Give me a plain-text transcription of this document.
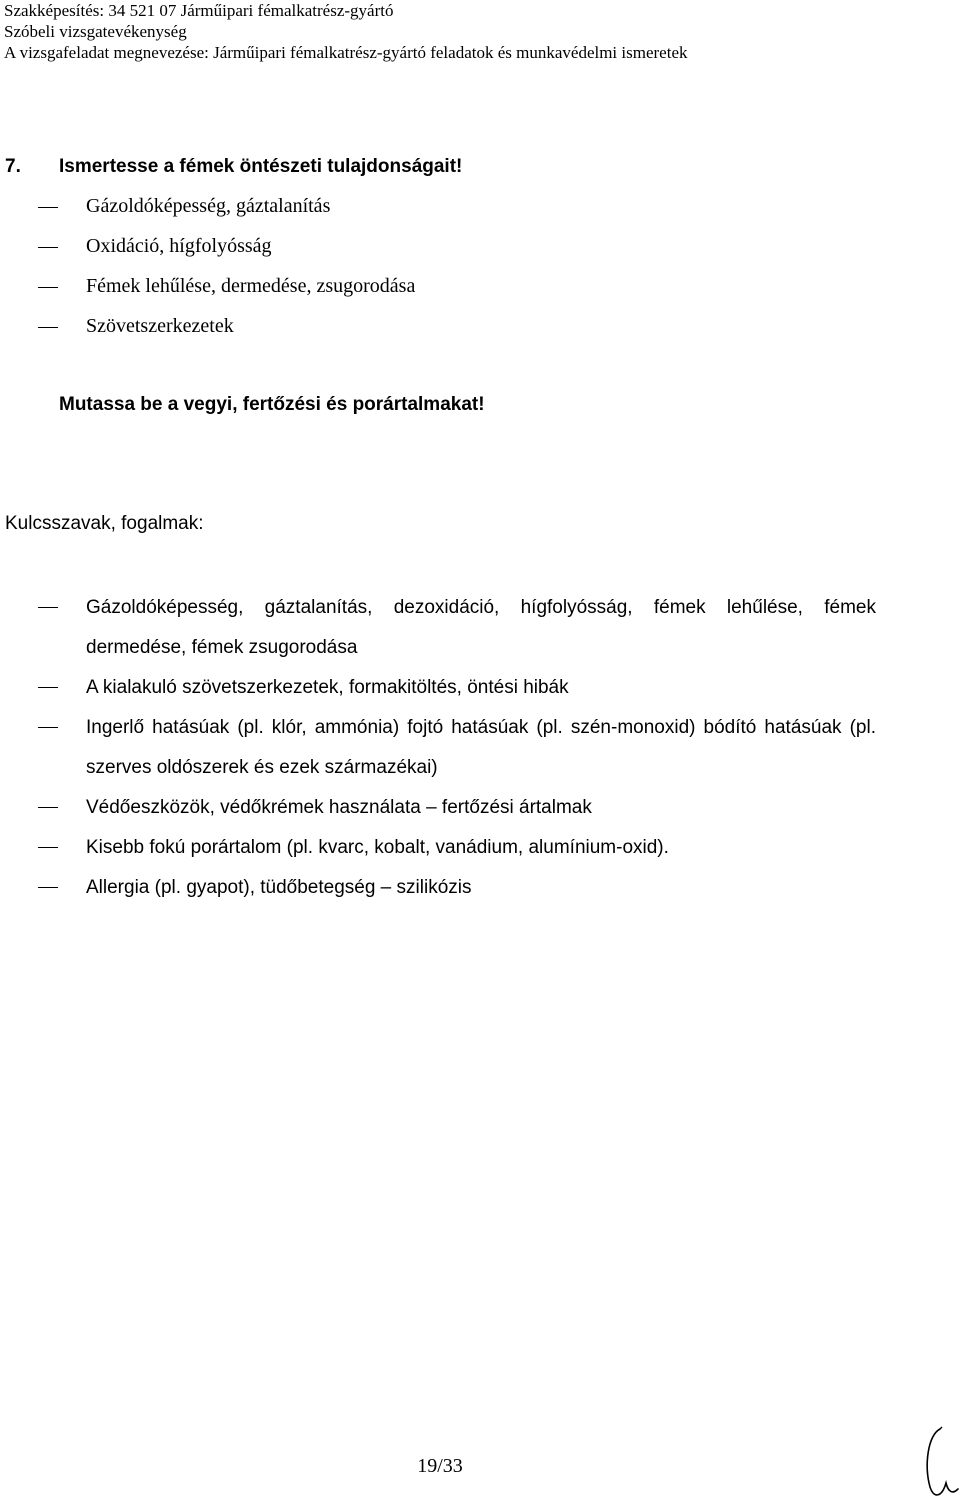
Szakképesítés: 34 521 07 Járműipari fémalkatrész-gyártó
Szóbeli vizsgatevékenység
A vizsgafeladat megnevezése: Járműipari fémalkatrész-gyártó feladatok és munkavédelmi ismeretek
7. Ismertesse a fémek öntészeti tulajdonságait!
Gázoldóképesség, gáztalanítás
Oxidáció, hígfolyósság
Fémek lehűlése, dermedése, zsugorodása
Szövetszerkezetek
Mutassa be a vegyi, fertőzési és porártalmakat!
Kulcsszavak, fogalmak:
Gázoldóképesség, gáztalanítás, dezoxidáció, hígfolyósság, fémek lehűlése, fémek dermedése, fémek zsugorodása
A kialakuló szövetszerkezetek, formakitöltés, öntési hibák
Ingerlő hatásúak (pl. klór, ammónia) fojtó hatásúak (pl. szén-monoxid) bódító hatásúak (pl. szerves oldószerek és ezek származékai)
Védőeszközök, védőkrémek használata – fertőzési ártalmak
Kisebb fokú porártalom (pl. kvarc, kobalt, vanádium, alumínium-oxid).
Allergia (pl. gyapot), tüdőbetegség – szilikózis
19/33
